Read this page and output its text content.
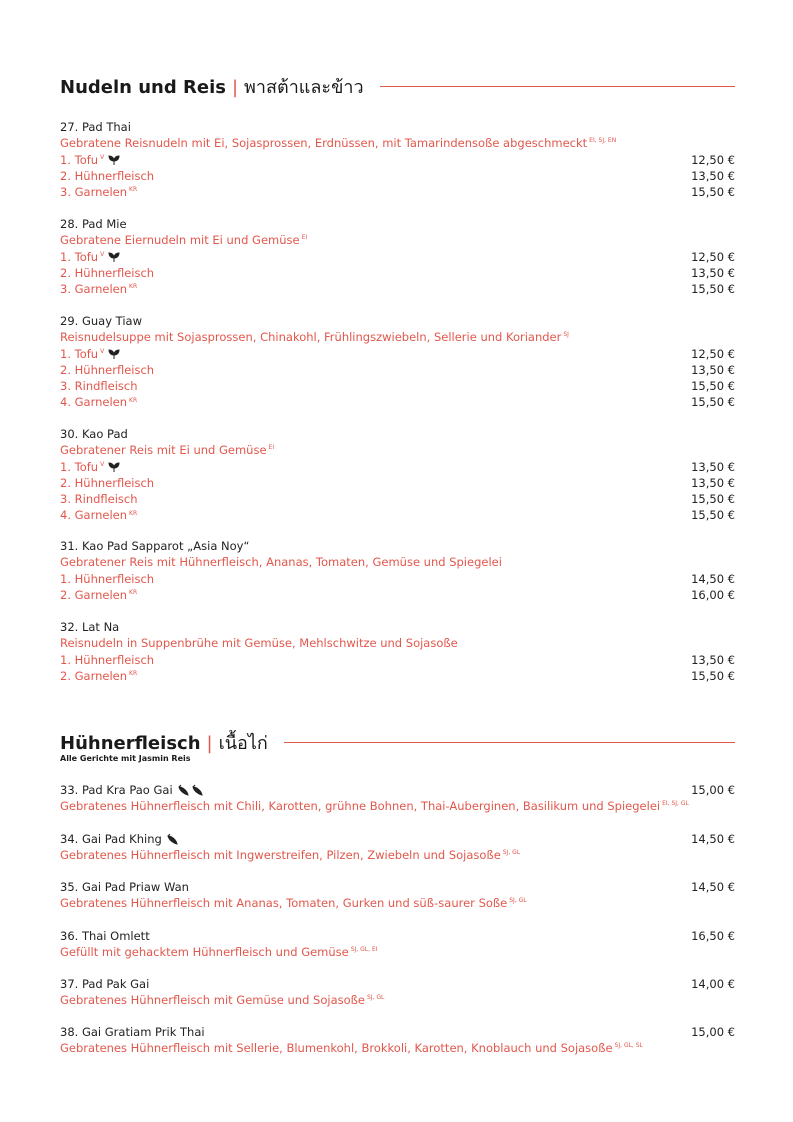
Nudeln und Reis | พาสต้าและข้าว
27. Pad Thai
Gebratene Reisnudeln mit Ei, Sojasprossen, Erdnüssen, mit Tamarindensoße abgeschmeckt $^{EI, SJ, EN}$
1. Tofu $^V$	12,50 €
2. Hühnerfleisch	13,50 €
3. Garnelen $^{KR}$	15,50 €
28. Pad Mie
Gebratene Eiernudeln mit Ei und Gemüse $^{EI}$
1. Tofu $^V$	12,50 €
2. Hühnerfleisch	13,50 €
3. Garnelen $^{KR}$	15,50 €
29. Guay Tiaw
Reisnudelsuppe mit Sojasprossen, Chinakohl, Frühlingszwiebeln, Sellerie und Koriander $^{SJ}$
1. Tofu $^V$	12,50 €
2. Hühnerfleisch	13,50 €
3. Rindfleisch	15,50 €
4. Garnelen $^{KR}$	15,50 €
30. Kao Pad
Gebratener Reis mit Ei und Gemüse $^{EI}$
1. Tofu $^V$	13,50 €
2. Hühnerfleisch	13,50 €
3. Rindfleisch	15,50 €
4. Garnelen $^{KR}$	15,50 €
31. Kao Pad Sapparot „Asia Noy“
Gebratener Reis mit Hühnerfleisch, Ananas, Tomaten, Gemüse und Spiegelei
1. Hühnerfleisch	14,50 €
2. Garnelen $^{KR}$	16,00 €
32. Lat Na
Reisnudeln in Suppenbrühe mit Gemüse, Mehlschwitze und Sojasoße
1. Hühnerfleisch	13,50 €
2. Garnelen $^{KR}$	15,50 €
Hühnerfleisch | เนื้อไก่
Alle Gerichte mit Jasmin Reis
33. Pad Kra Pao Gai	15,00 €
Gebratenes Hühnerfleisch mit Chili, Karotten, grühne Bohnen, Thai-Auberginen, Basilikum und Spiegelei $^{EI, SJ, GL}$
34. Gai Pad Khing	14,50 €
Gebratenes Hühnerfleisch mit Ingwerstreifen, Pilzen, Zwiebeln und Sojasoße $^{SJ, GL}$
35. Gai Pad Priaw Wan	14,50 €
Gebratenes Hühnerfleisch mit Ananas, Tomaten, Gurken und süß-saurer Soße $^{SJ, GL}$
36. Thai Omlett	16,50 €
Gefüllt mit gehacktem Hühnerfleisch und Gemüse $^{SJ, GL, EI}$
37. Pad Pak Gai	14,00 €
Gebratenes Hühnerfleisch mit Gemüse und Sojasoße $^{SJ, GL}$
38. Gai Gratiam Prik Thai	15,00 €
Gebratenes Hühnerfleisch mit Sellerie, Blumenkohl, Brokkoli, Karotten, Knoblauch und Sojasoße $^{SJ, GL, SL}$
